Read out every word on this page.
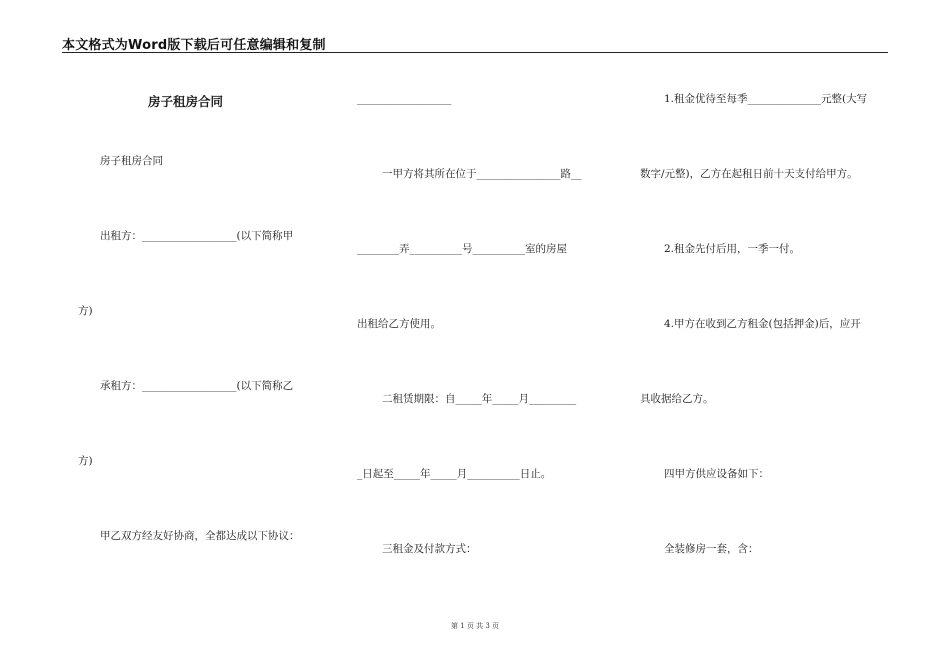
本文格式为Word版下载后可任意编辑和复制
房子租房合同
房子租房合同
出租方：__________________(以下简称甲
方)
承租方：__________________(以下简称乙
方)
甲乙双方经友好协商，全都达成以下协议：
__________________
一甲方将其所在位于________________路__
________弄__________号__________室的房屋
出租给乙方使用。
二租赁期限：自_____年_____月_________
_日起至_____年_____月__________日止。
三租金及付款方式：
1.租金优待至每季______________元整(大写
数字/元整)，乙方在起租日前十天支付给甲方。
2.租金先付后用，一季一付。
4.甲方在收到乙方租金(包括押金)后，应开
具收据给乙方。
四甲方供应设备如下：
全装修房一套，含：
第 1 页 共 3 页
